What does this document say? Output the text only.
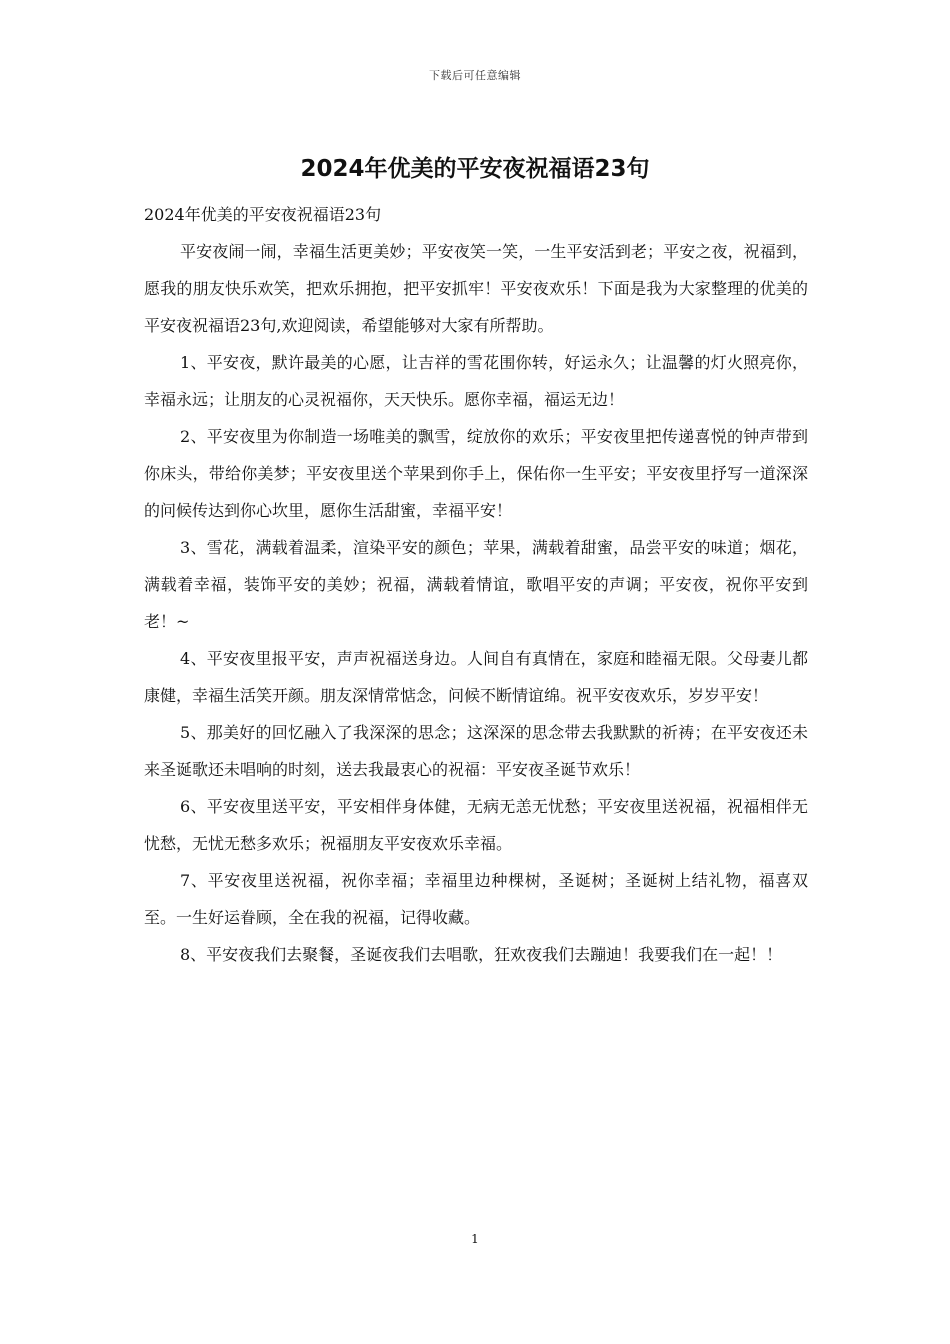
下载后可任意编辑
2024年优美的平安夜祝福语23句

2024年优美的平安夜祝福语23句

平安夜闹一闹，幸福生活更美妙；平安夜笑一笑，一生平安活到老；平安之夜，祝福到，愿我的朋友快乐欢笑，把欢乐拥抱，把平安抓牢！平安夜欢乐！下面是我为大家整理的优美的平安夜祝福语23句,欢迎阅读，希望能够对大家有所帮助。

1、平安夜，默许最美的心愿，让吉祥的雪花围你转，好运永久；让温馨的灯火照亮你，幸福永远；让朋友的心灵祝福你，天天快乐。愿你幸福，福运无边！

2、平安夜里为你制造一场唯美的飘雪，绽放你的欢乐；平安夜里把传递喜悦的钟声带到你床头，带给你美梦；平安夜里送个苹果到你手上，保佑你一生平安；平安夜里抒写一道深深的问候传达到你心坎里，愿你生活甜蜜，幸福平安！

3、雪花，满载着温柔，渲染平安的颜色；苹果，满载着甜蜜，品尝平安的味道；烟花，满载着幸福，装饰平安的美妙；祝福，满载着情谊，歌唱平安的声调；平安夜，祝你平安到老！~

4、平安夜里报平安，声声祝福送身边。人间自有真情在，家庭和睦福无限。父母妻儿都康健，幸福生活笑开颜。朋友深情常惦念，问候不断情谊绵。祝平安夜欢乐，岁岁平安！

5、那美好的回忆融入了我深深的思念；这深深的思念带去我默默的祈祷；在平安夜还未来圣诞歌还未唱响的时刻，送去我最衷心的祝福：平安夜圣诞节欢乐！

6、平安夜里送平安，平安相伴身体健，无病无恙无忧愁；平安夜里送祝福，祝福相伴无忧愁，无忧无愁多欢乐；祝福朋友平安夜欢乐幸福。

7、平安夜里送祝福，祝你幸福；幸福里边种棵树，圣诞树；圣诞树上结礼物，福喜双至。一生好运眷顾，全在我的祝福，记得收藏。

8、平安夜我们去聚餐，圣诞夜我们去唱歌，狂欢夜我们去蹦迪！我要我们在一起！！

1
